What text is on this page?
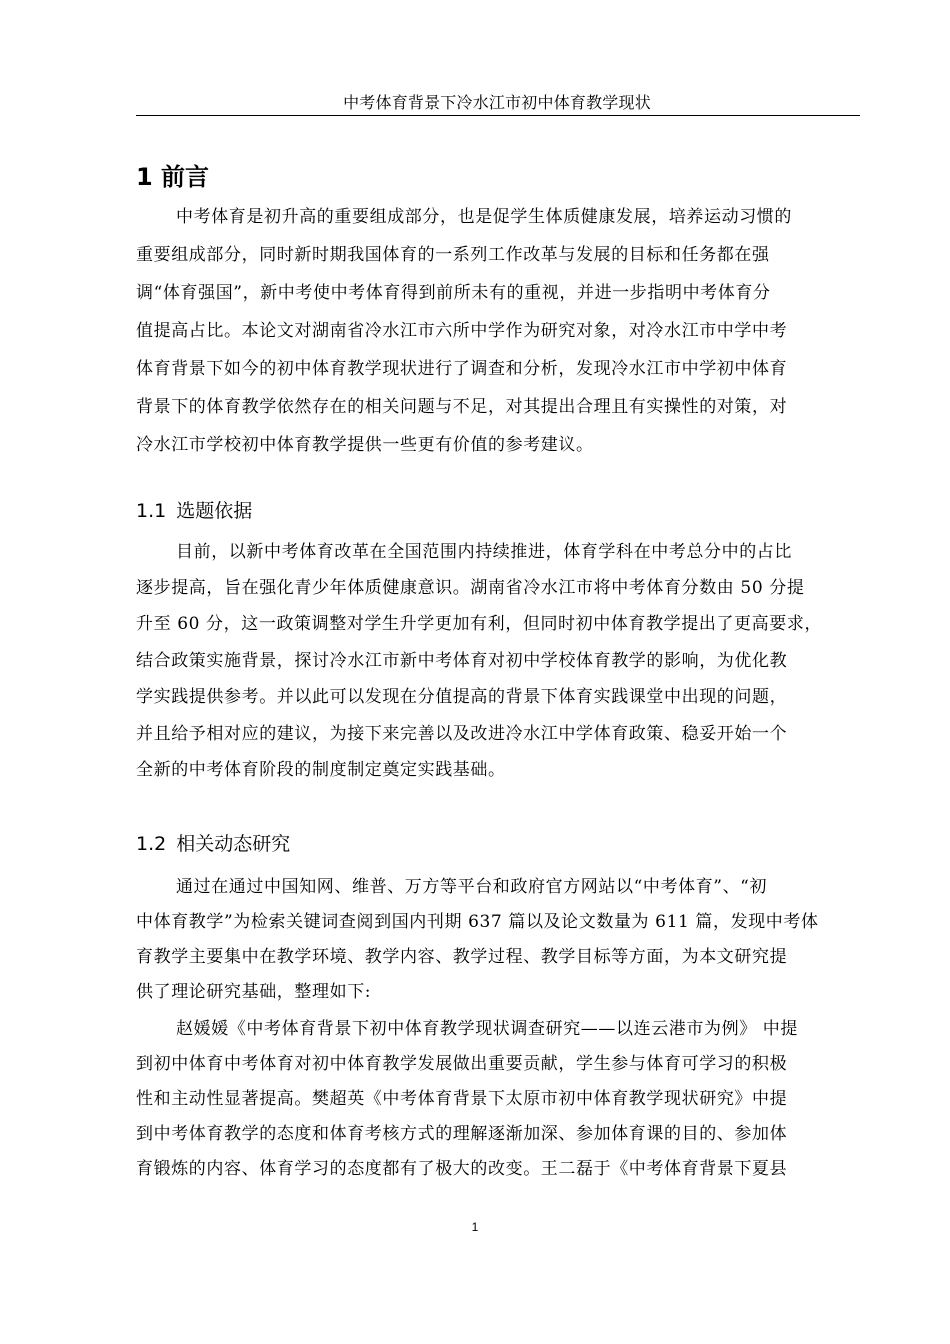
中考体育背景下冷水江市初中体育教学现状
1 前言
中考体育是初升高的重要组成部分，也是促学生体质健康发展，培养运动习惯的
重要组成部分，同时新时期我国体育的一系列工作改革与发展的目标和任务都在强
调“体育强国”，新中考使中考体育得到前所未有的重视，并进一步指明中考体育分
值提高占比。本论文对湖南省冷水江市六所中学作为研究对象，对冷水江市中学中考
体育背景下如今的初中体育教学现状进行了调查和分析，发现冷水江市中学初中体育
背景下的体育教学依然存在的相关问题与不足，对其提出合理且有实操性的对策，对
冷水江市学校初中体育教学提供一些更有价值的参考建议。
1.1 选题依据
目前，以新中考体育改革在全国范围内持续推进，体育学科在中考总分中的占比
逐步提高，旨在强化青少年体质健康意识。湖南省冷水江市将中考体育分数由 50 分提
升至 60 分，这一政策调整对学生升学更加有利，但同时初中体育教学提出了更高要求，
结合政策实施背景，探讨冷水江市新中考体育对初中学校体育教学的影响，为优化教
学实践提供参考。并以此可以发现在分值提高的背景下体育实践课堂中出现的问题，
并且给予相对应的建议，为接下来完善以及改进冷水江中学体育政策、稳妥开始一个
全新的中考体育阶段的制度制定奠定实践基础。
1.2 相关动态研究
通过在通过中国知网、维普、万方等平台和政府官方网站以“中考体育”、“初
中体育教学”为检索关键词查阅到国内刊期 637 篇以及论文数量为 611 篇，发现中考体
育教学主要集中在教学环境、教学内容、教学过程、教学目标等方面，为本文研究提
供了理论研究基础，整理如下:
赵媛媛《中考体育背景下初中体育教学现状调查研究——以连云港市为例》 中提
到初中体育中考体育对初中体育教学发展做出重要贡献，学生参与体育可学习的积极
性和主动性显著提高。樊超英《中考体育背景下太原市初中体育教学现状研究》中提
到中考体育教学的态度和体育考核方式的理解逐渐加深、参加体育课的目的、参加体
育锻炼的内容、体育学习的态度都有了极大的改变。王二磊于《中考体育背景下夏县
1
